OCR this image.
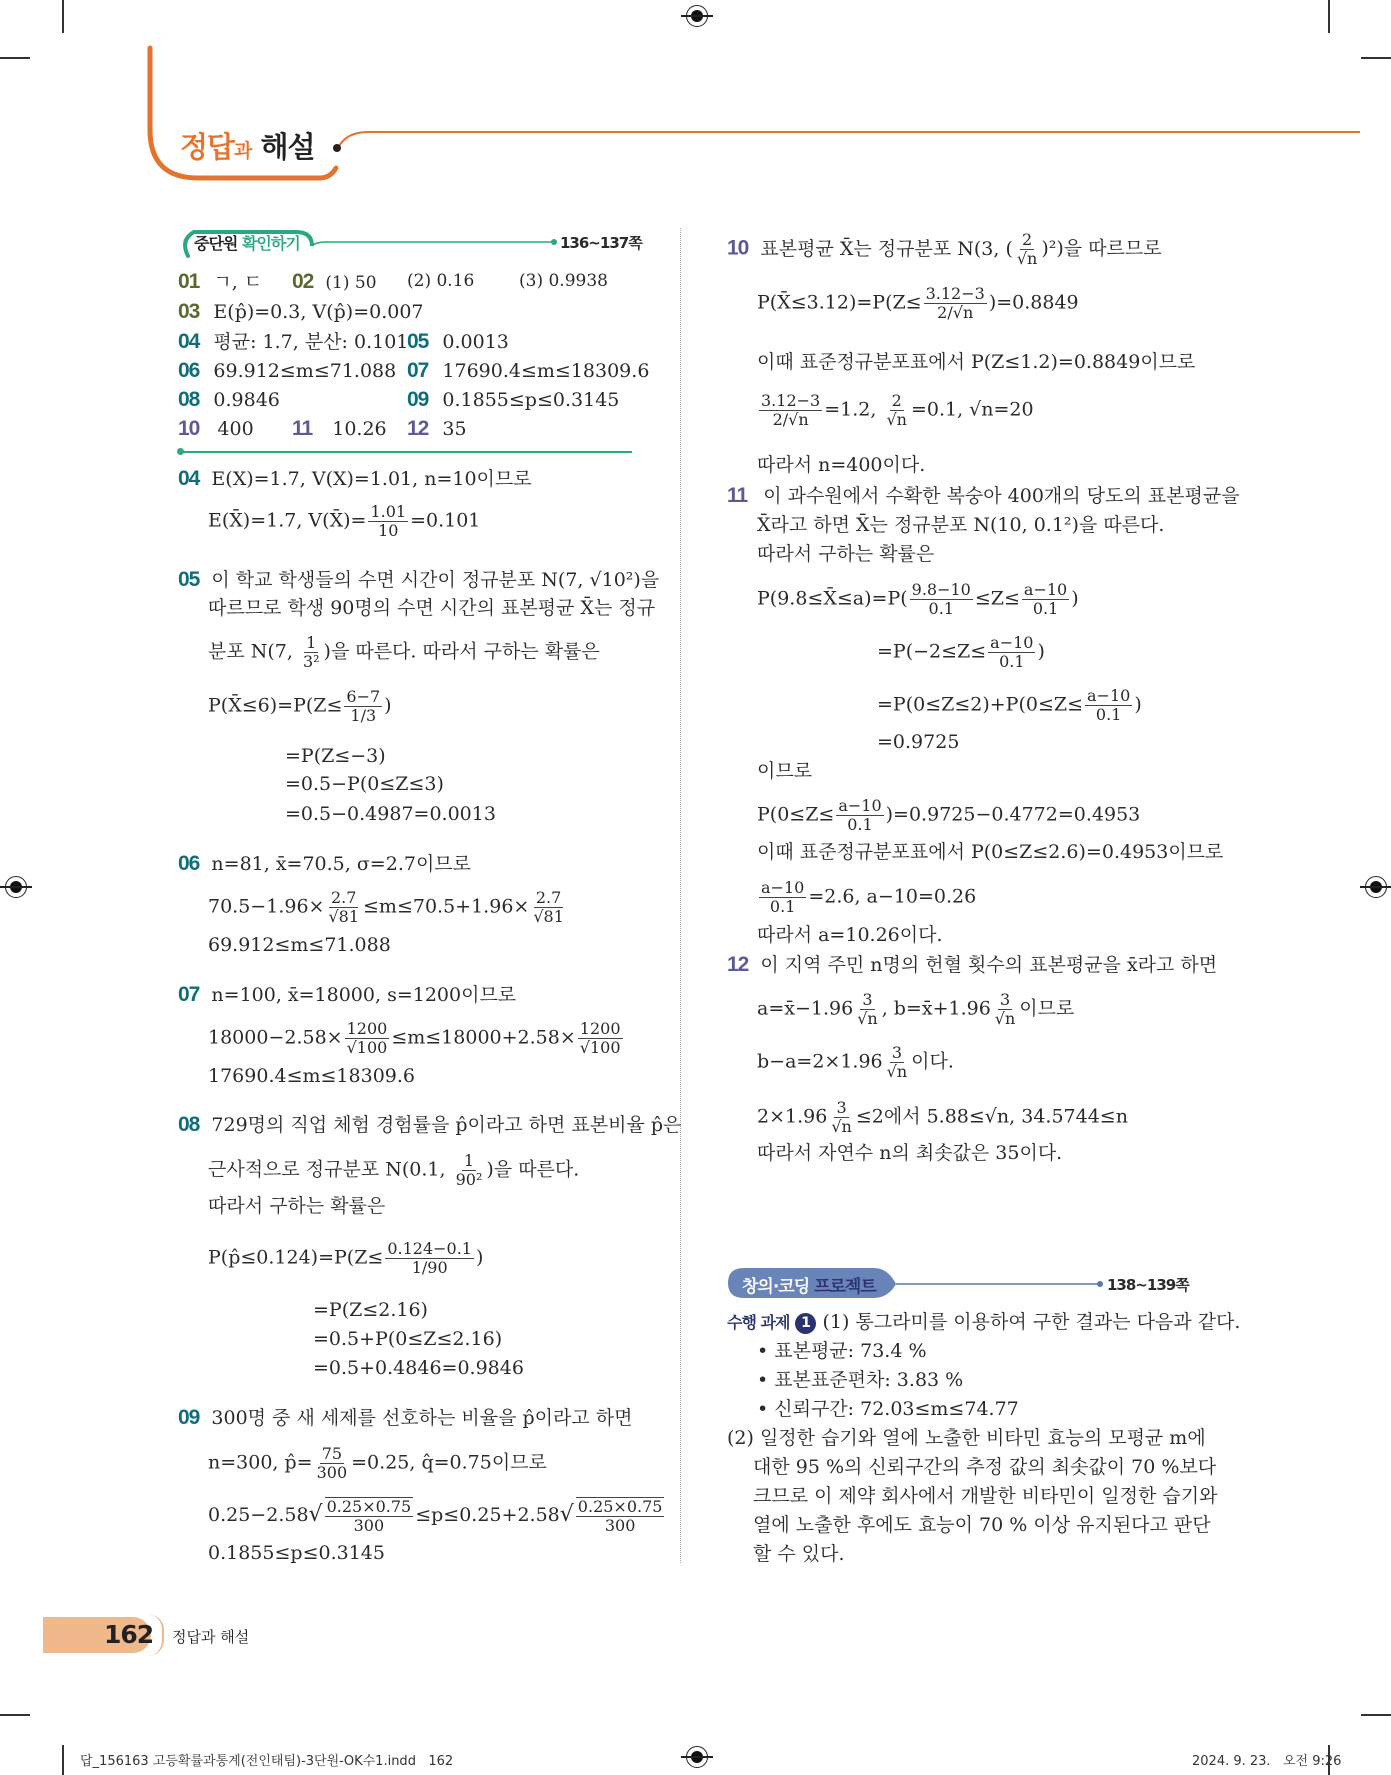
정답과 해설
중단원 확인하기	136~137쪽
01 ㄱ, ㄷ 02 (1) 50 (2) 0.16	(3) 0.9938
03 E(p̂)=0.3, V(p̂)=0.007
04 평균: 1.7, 분산: 0.101
05 0.0013
06 69.912≤m≤71.088 07 17690.4≤m≤18309.6
08 0.9846	09 0.1855≤p≤0.3145
10 400 11 10.26 12 35
04 E(X)=1.7, V(X)=1.01, n=10이므로
E(X̄)=1.7, V(X̄)= $\frac{1.01}{10} =0.101$
05 이 학교 학생들의 수면 시간이 정규분포 N(7, √10²)을
따르므로 학생 90명의 수면 시간의 표본평균 X̄는 정규
분포 N(7, $\frac{1}{\text{3²}}$ )을 따른다. 따라서 구하는 확률은
P(X̄≤6)=P(Z≤ $\frac{6-7}{1/3}$ )
=P(Z≤−3)
=0.5−P(0≤Z≤3)
=0.5−0.4987=0.0013
06 n=81, x̄=70.5, σ=2.7이므로
$70.5-1.96\times \frac{2.7}{√81} \le m\le 70.5+1.96\times \frac{2.7}{√81}$
69.912≤m≤71.088
07 n=100, x̄=18000, s=1200이므로
$18000-2.58\times \frac{1200}{√100} \le m\le 18000+2.58\times \frac{1200}{√100}$
17690.4≤m≤18309.6
08 729명의 직업 체험 경험률을 p̂이라고 하면 표본비율 p̂은
근사적으로 정규분포 N(0.1, $\frac{1}{\text{90²}}$ )을 따른다.
따라서 구하는 확률은
P(p̂≤0.124)=P(Z≤ $\frac{0.124-0.1}{1/90}$ )
=P(Z≤2.16)
=0.5+P(0≤Z≤2.16)
=0.5+0.4846=0.9846
09 300명 중 새 세제를 선호하는 비율을 p̂이라고 하면
n=300, p̂= $\frac{75}{300} =0.25$, q̂=0.75이므로
$0.25-2.58√ \frac{0.25\times 0.75}{300} \le p\le 0.25+2.58√ \frac{0.25\times 0.75}{300}$
0.1855≤p≤0.3145
10 표본평균 X̄는 정규분포 N(3, ( $\frac{2}{√n} )^2$)을 따르므로
P(X̄≤3.12)=P(Z≤ $\frac{3.12-3}{2/√n} )=0.8849$
이때 표준정규분포표에서 P(Z≤1.2)=0.8849이므로
$\frac{3.12-3}{2/√n} =1.2$, $\frac{2}{√n} =0.1$, √n=20
따라서 n=400이다.
11 이 과수원에서 수확한 복숭아 400개의 당도의 표본평균을
X̄라고 하면 X̄는 정규분포 N(10, 0.1²)을 따른다.
따라서 구하는 확률은
P(9.8≤X̄≤a)=P( $\frac{9.8-10}{0.1} \le Z\le \frac{a-10}{0.1}$ )
$=P(-2\le Z\le \frac{a-10}{0.1}$ )
$=P(0\le Z\le 2)+P(0\le Z\le \frac{a-10}{0.1}$ )
=0.9725
이므로
$P(0\le Z\le \frac{a-10}{0.1} )=0.9725-0.4772=0.4953$
이때 표준정규분포표에서 P(0≤Z≤2.6)=0.4953이므로
$\frac{a-10}{0.1} =2.6$, a−10=0.26
따라서 a=10.26이다.
12 이 지역 주민 n명의 헌혈 횟수의 표본평균을 x̄라고 하면
a=x̄−1.96 $\frac{3}{√n}$ , b=x̄+1.96 $\frac{3}{√n}$ 이므로
$b-a=2\times 1.96 \frac{3}{√n}$ 이다.
$2\times 1.96 \frac{3}{√n} \le 2$에서 5.88≤√n, 34.5744≤n
따라서 자연수 n의 최솟값은 35이다.
창의·코딩 프로젝트	138~139쪽
수행 과제 1 (1) 통그라미를 이용하여 구한 결과는 다음과 같다.
• 표본평균: 73.4 %
• 표본표준편차: 3.83 %
• 신뢰구간: 72.03≤m≤74.77
(2) 일정한 습기와 열에 노출한 비타민 효능의 모평균 m에
대한 95 %의 신뢰구간의 추정 값의 최솟값이 70 %보다
크므로 이 제약 회사에서 개발한 비타민이 일정한 습기와
열에 노출한 후에도 효능이 70 % 이상 유지된다고 판단
할 수 있다.
162 정답과 해설
답_156163 고등확률과통계(전인태팀)-3단원-OK수1.indd   162	2024. 9. 23.   오전 9:26
